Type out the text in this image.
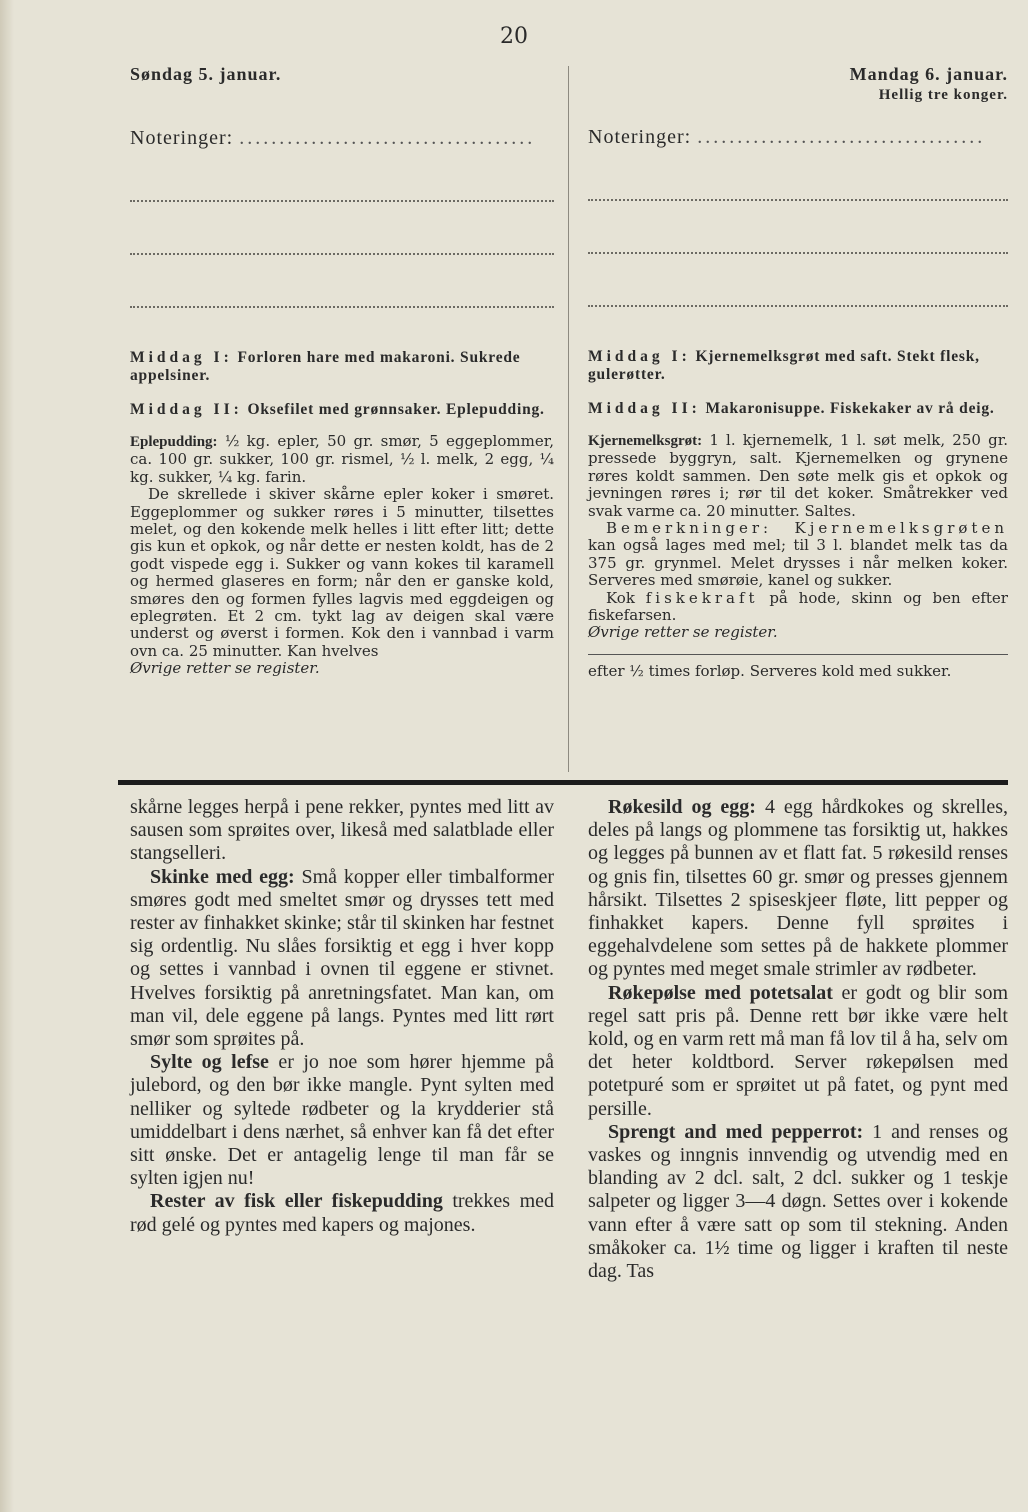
20
Søndag 5. januar.
Noteringer: .....................................
Middag I: Forloren hare med makaroni. Sukrede appelsiner.
Middag II: Oksefilet med grønnsaker. Eplepudding.

Eplepudding: ½ kg. epler, 50 gr. smør, 5 eggeplommer, ca. 100 gr. sukker, 100 gr. rismel, ½ l. melk, 2 egg, ¼ kg. sukker, ¼ kg. farin.

De skrellede i skiver skårne epler koker i smøret. Eggeplommer og sukker røres i 5 minutter, tilsettes melet, og den kokende melk helles i litt efter litt; dette gis kun et opkok, og når dette er nesten koldt, has de 2 godt vispede egg i. Sukker og vann kokes til karamell og hermed glaseres en form; når den er ganske kold, smøres den og formen fylles lagvis med eggdeigen og eplegrøten. Et 2 cm. tykt lag av deigen skal være underst og øverst i formen. Kok den i vannbad i varm ovn ca. 25 minutter. Kan hvelves

Øvrige retter se register.

Mandag 6. januar.
Hellig tre konger.
Noteringer: ....................................
Middag I: Kjernemelksgrøt med saft. Stekt flesk, gulerøtter.
Middag II: Makaronisuppe. Fiskekaker av rå deig.

Kjernemelksgrøt: 1 l. kjernemelk, 1 l. søt melk, 250 gr. pressede byggryn, salt. Kjernemelken og grynene røres koldt sammen. Den søte melk gis et opkok og jevningen røres i; rør til det koker. Småtrekker ved svak varme ca. 20 minutter. Saltes.

Bemerkninger: Kjernemelksgrøten kan også lages med mel; til 3 l. blandet melk tas da 375 gr. grynmel. Melet drysses i når melken koker. Serveres med smørøie, kanel og sukker.

Kok fiskekraft på hode, skinn og ben efter fiskefarsen.

Øvrige retter se register.

efter ½ times forløp. Serveres kold med sukker.

skårne legges herpå i pene rekker, pyntes med litt av sausen som sprøites over, likeså med salatblade eller stangselleri.

Skinke med egg: Små kopper eller timbalformer smøres godt med smeltet smør og drysses tett med rester av finhakket skinke; står til skinken har festnet sig ordentlig. Nu slåes forsiktig et egg i hver kopp og settes i vannbad i ovnen til eggene er stivnet. Hvelves forsiktig på anretningsfatet. Man kan, om man vil, dele eggene på langs. Pyntes med litt rørt smør som sprøites på.

Sylte og lefse er jo noe som hører hjemme på julebord, og den bør ikke mangle. Pynt sylten med nelliker og syltede rødbeter og la krydderier stå umiddelbart i dens nærhet, så enhver kan få det efter sitt ønske. Det er antagelig lenge til man får se sylten igjen nu!

Rester av fisk eller fiskepudding trekkes med rød gelé og pyntes med kapers og majones.

Røkesild og egg: 4 egg hårdkokes og skrelles, deles på langs og plommene tas forsiktig ut, hakkes og legges på bunnen av et flatt fat. 5 røkesild renses og gnis fin, tilsettes 60 gr. smør og presses gjennem hårsikt. Tilsettes 2 spiseskjeer fløte, litt pepper og finhakket kapers. Denne fyll sprøites i eggehalvdelene som settes på de hakkete plommer og pyntes med meget smale strimler av rødbeter.

Røkepølse med potetsalat er godt og blir som regel satt pris på. Denne rett bør ikke være helt kold, og en varm rett må man få lov til å ha, selv om det heter koldtbord. Server røkepølsen med potetpuré som er sprøitet ut på fatet, og pynt med persille.

Sprengt and med pepperrot: 1 and renses og vaskes og inngnis innvendig og utvendig med en blanding av 2 dcl. salt, 2 dcl. sukker og 1 teskje salpeter og ligger 3—4 døgn. Settes over i kokende vann efter å være satt op som til stekning. Anden småkoker ca. 1½ time og ligger i kraften til neste dag. Tas
